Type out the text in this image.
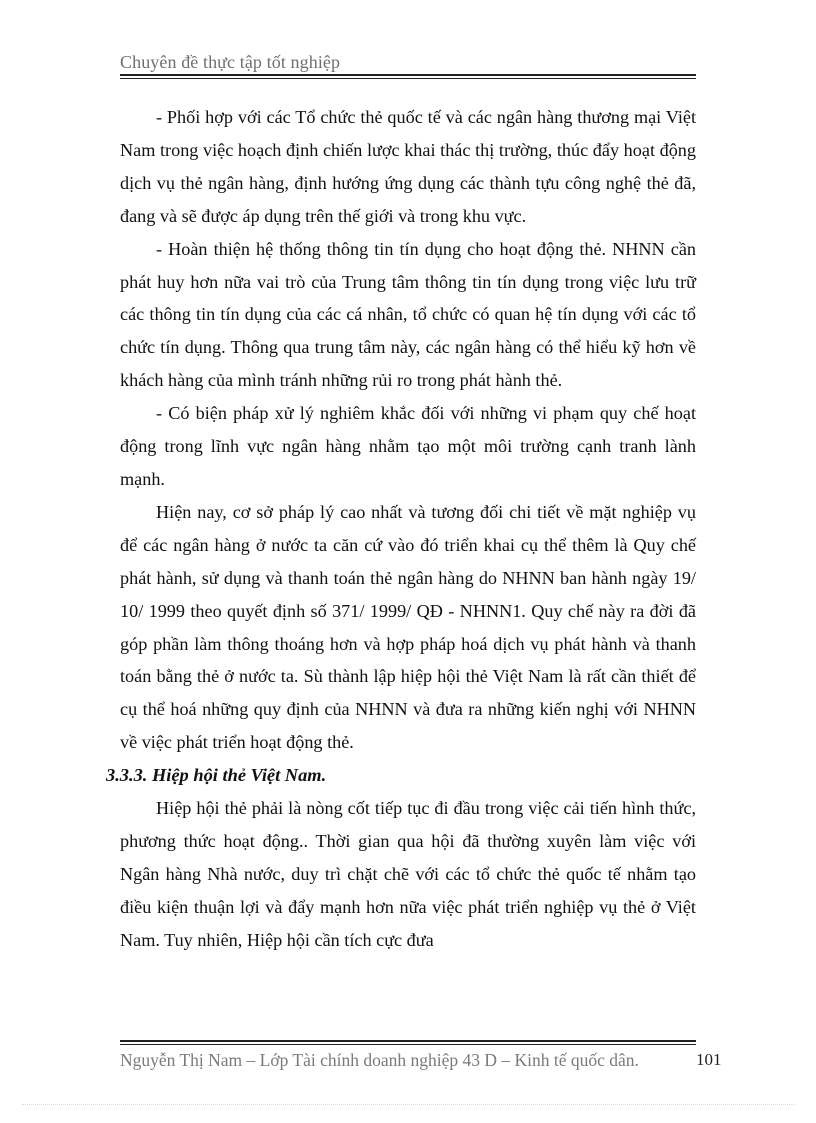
Chuyên đề thực tập tốt nghiệp

- Phối hợp với các Tổ chức thẻ quốc tế và các ngân hàng thương mại Việt Nam trong việc hoạch định chiến lược khai thác thị trường, thúc đẩy hoạt động dịch vụ thẻ ngân hàng, định hướng ứng dụng các thành tựu công nghệ thẻ đã, đang và sẽ được áp dụng trên thế giới và trong khu vực.

- Hoàn thiện hệ thống thông tin tín dụng cho hoạt động thẻ. NHNN cần phát huy hơn nữa vai trò của Trung tâm thông tin tín dụng trong việc lưu trữ các thông tin tín dụng của các cá nhân, tổ chức có quan hệ tín dụng với các tổ chức tín dụng. Thông qua trung tâm này, các ngân hàng có thể hiểu kỹ hơn về khách hàng của mình tránh những rủi ro trong phát hành thẻ.

- Có biện pháp xử lý nghiêm khắc đối với những vi phạm quy chế hoạt động trong lĩnh vực ngân hàng nhằm tạo một môi trường cạnh tranh lành mạnh.

Hiện nay, cơ sở pháp lý cao nhất và tương đối chi tiết về mặt nghiệp vụ để các ngân hàng ở nước ta căn cứ vào đó triển khai cụ thể thêm là Quy chế phát hành, sử dụng và thanh toán thẻ ngân hàng do NHNN ban hành ngày 19/ 10/ 1999 theo quyết định số 371/ 1999/ QĐ - NHNN1. Quy chế này ra đời đã góp phần làm thông thoáng hơn và hợp pháp hoá dịch vụ phát hành và thanh toán bằng thẻ ở nước ta. Sù thành lập hiệp hội thẻ Việt Nam là rất cần thiết để cụ thể hoá những quy định của NHNN và đưa ra những kiến nghị với NHNN về việc phát triển hoạt động thẻ.

3.3.3. Hiệp hội thẻ Việt Nam.

Hiệp hội thẻ phải là nòng cốt tiếp tục đi đầu trong việc cải tiến hình thức, phương thức hoạt động.. Thời gian qua hội đã thường xuyên làm việc với Ngân hàng Nhà nước, duy trì chặt chẽ với các tổ chức thẻ quốc tế nhằm tạo điều kiện thuận lợi và đẩy mạnh hơn nữa việc phát triển nghiệp vụ thẻ ở Việt Nam. Tuy nhiên, Hiệp hội cần tích cực đưa

Nguyễn Thị Nam – Lớp Tài chính doanh nghiệp 43 D – Kinh tế quốc dân.	101
